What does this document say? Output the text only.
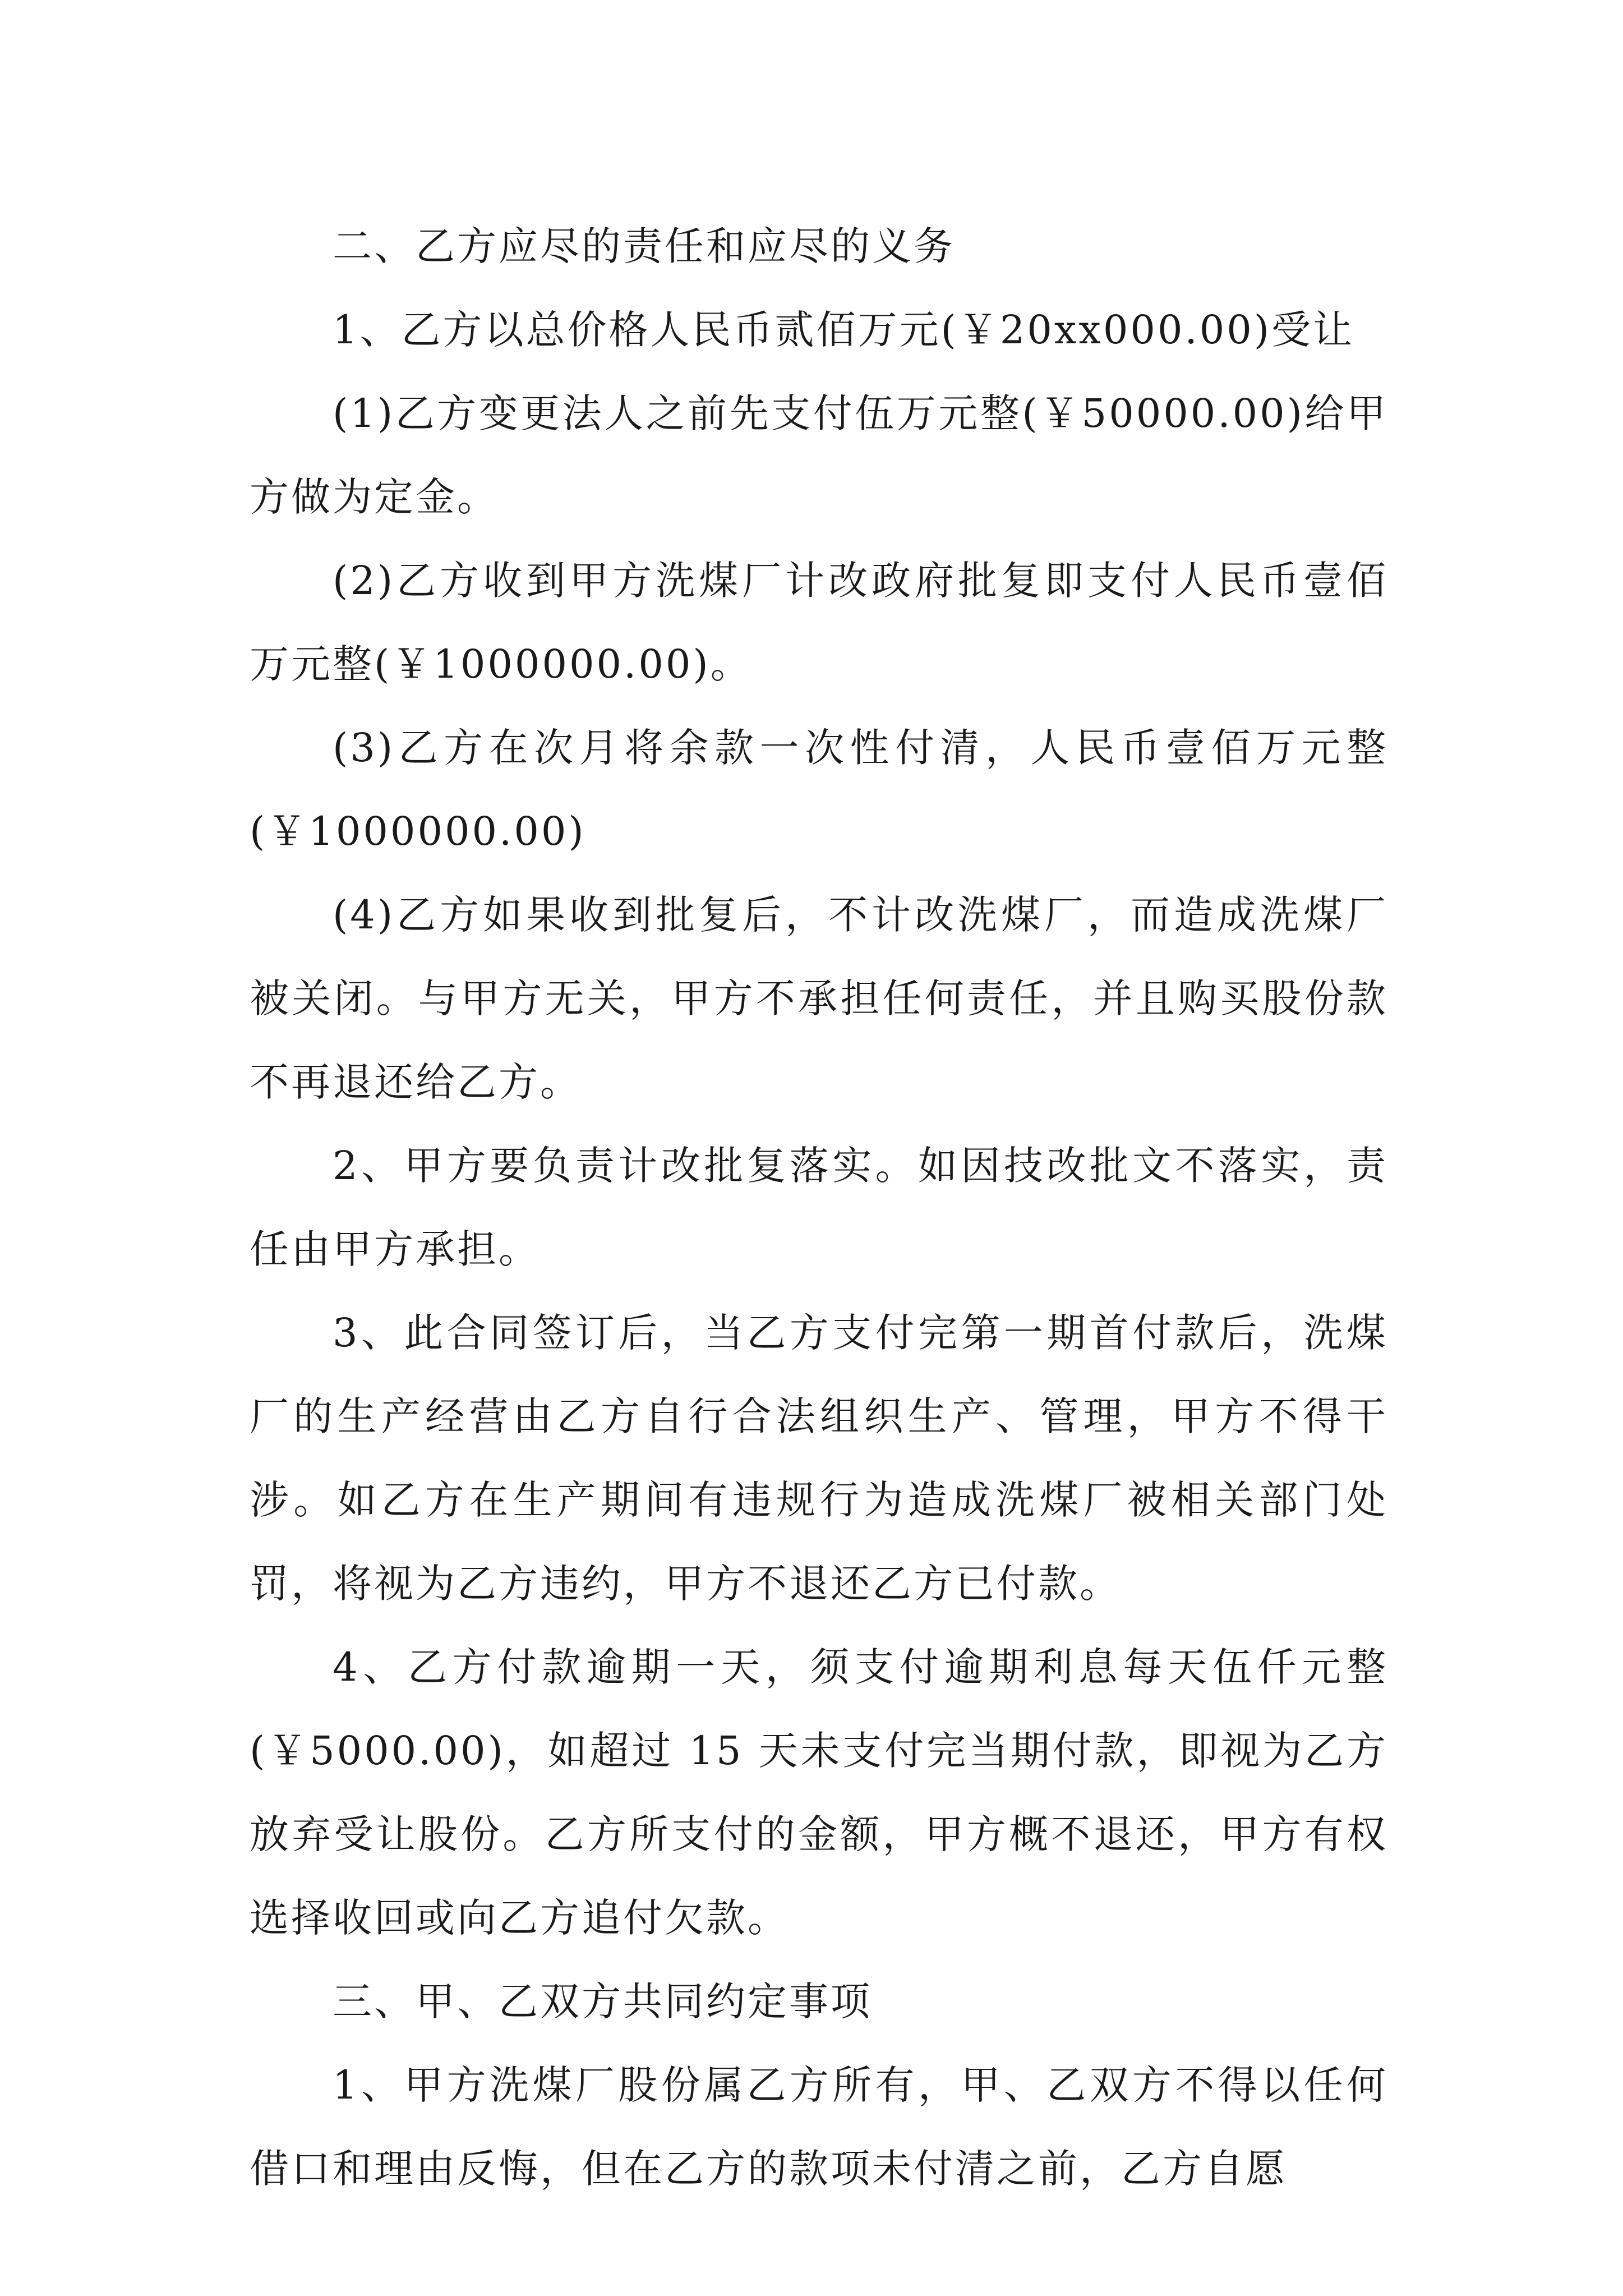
二、乙方应尽的责任和应尽的义务

1、乙方以总价格人民币贰佰万元(￥20xx000.00)受让

(1)乙方变更法人之前先支付伍万元整(￥50000.00)给甲方做为定金。

(2)乙方收到甲方洗煤厂计改政府批复即支付人民币壹佰万元整(￥1000000.00)。

(3)乙方在次月将余款一次性付清，人民币壹佰万元整(￥1000000.00)

(4)乙方如果收到批复后，不计改洗煤厂，而造成洗煤厂被关闭。与甲方无关，甲方不承担任何责任，并且购买股份款不再退还给乙方。

2、甲方要负责计改批复落实。如因技改批文不落实，责任由甲方承担。

3、此合同签订后，当乙方支付完第一期首付款后，洗煤厂的生产经营由乙方自行合法组织生产、管理，甲方不得干涉。如乙方在生产期间有违规行为造成洗煤厂被相关部门处罚，将视为乙方违约，甲方不退还乙方已付款。

4、乙方付款逾期一天，须支付逾期利息每天伍仟元整(￥5000.00)，如超过 15 天未支付完当期付款，即视为乙方放弃受让股份。乙方所支付的金额，甲方概不退还，甲方有权选择收回或向乙方追付欠款。

三、甲、乙双方共同约定事项

1、甲方洗煤厂股份属乙方所有，甲、乙双方不得以任何借口和理由反悔，但在乙方的款项未付清之前，乙方自愿
